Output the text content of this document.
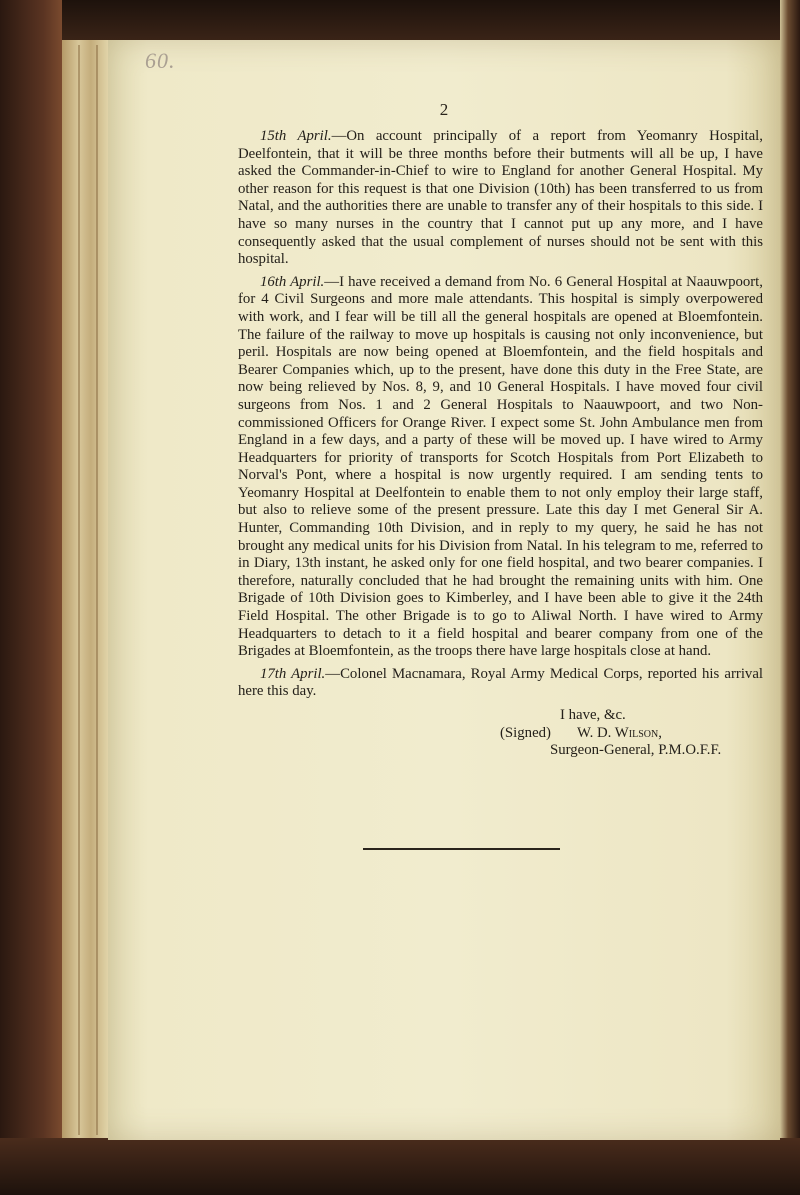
2

15th April.—On account principally of a report from Yeomanry Hospital, Deelfontein, that it will be three months before their butments will all be up, I have asked the Commander-in-Chief to wire to England for another General Hospital. My other reason for this request is that one Division (10th) has been transferred to us from Natal, and the authorities there are unable to transfer any of their hospitals to this side. I have so many nurses in the country that I cannot put up any more, and I have consequently asked that the usual complement of nurses should not be sent with this hospital.

16th April.—I have received a demand from No. 6 General Hospital at Naauwpoort, for 4 Civil Surgeons and more male attendants. This hospital is simply overpowered with work, and I fear will be till all the general hospitals are opened at Bloemfontein. The failure of the railway to move up hospitals is causing not only inconvenience, but peril. Hospitals are now being opened at Bloemfontein, and the field hospitals and Bearer Companies which, up to the present, have done this duty in the Free State, are now being relieved by Nos. 8, 9, and 10 General Hospitals. I have moved four civil surgeons from Nos. 1 and 2 General Hospitals to Naauwpoort, and two Non-commissioned Officers for Orange River. I expect some St. John Ambulance men from England in a few days, and a party of these will be moved up. I have wired to Army Headquarters for priority of transports for Scotch Hospitals from Port Elizabeth to Norval's Pont, where a hospital is now urgently required. I am sending tents to Yeomanry Hospital at Deelfontein to enable them to not only employ their large staff, but also to relieve some of the present pressure. Late this day I met General Sir A. Hunter, Commanding 10th Division, and in reply to my query, he said he has not brought any medical units for his Division from Natal. In his telegram to me, referred to in Diary, 13th instant, he asked only for one field hospital, and two bearer companies. I therefore, naturally concluded that he had brought the remaining units with him. One Brigade of 10th Division goes to Kimberley, and I have been able to give it the 24th Field Hospital. The other Brigade is to go to Aliwal North. I have wired to Army Headquarters to detach to it a field hospital and bearer company from one of the Brigades at Bloemfontein, as the troops there have large hospitals close at hand.

17th April.—Colonel Macnamara, Royal Army Medical Corps, reported his arrival here this day.

I have, &c.
(Signed) W. D. Wilson,
Surgeon-General, P.M.O.F.F.
60.
